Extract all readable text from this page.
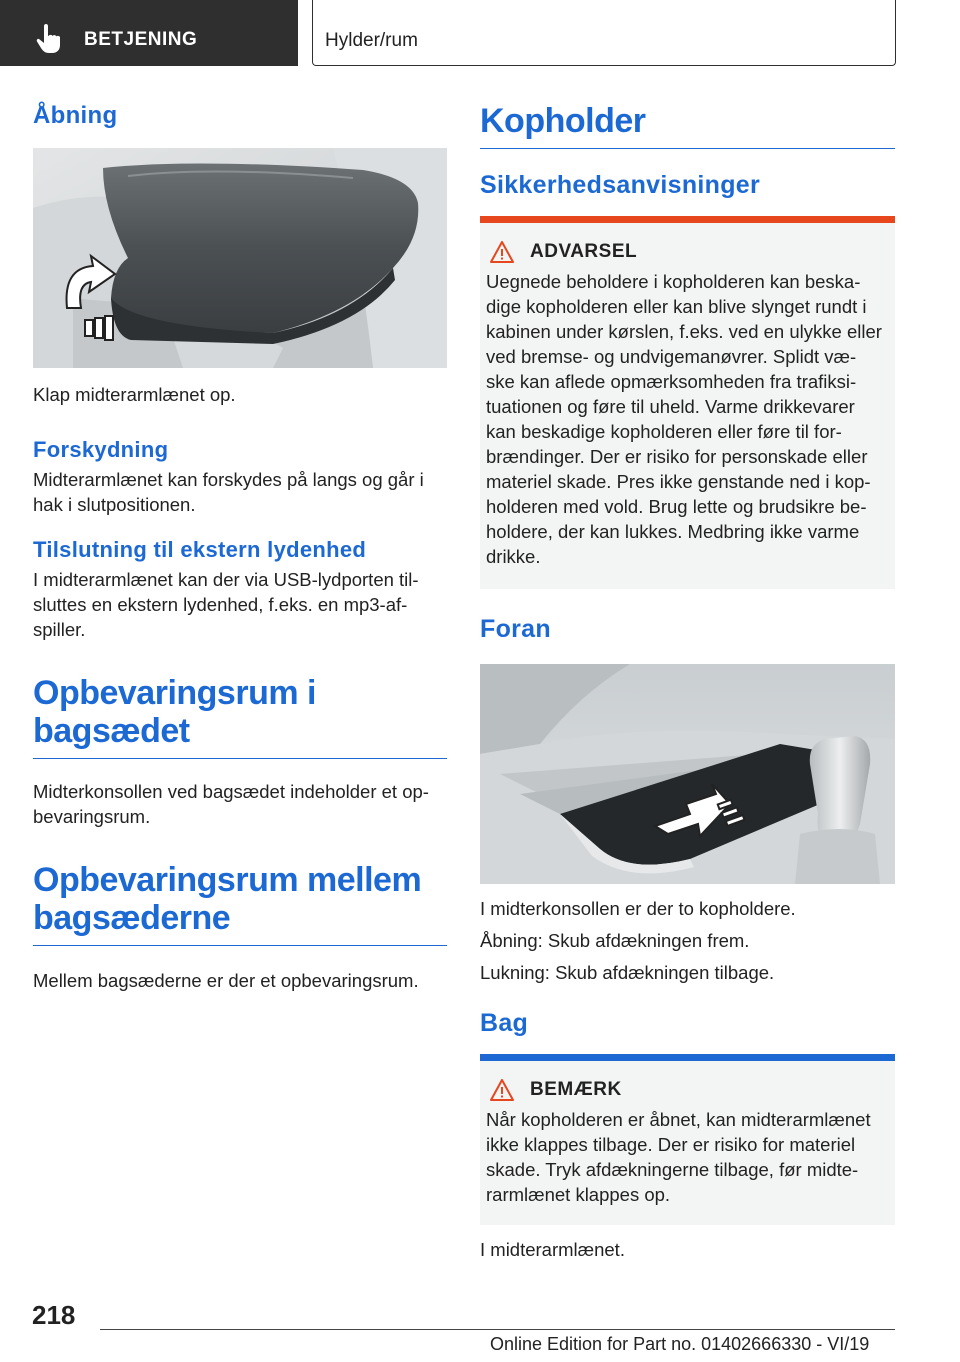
BETJENING	Hylder/rum
Åbning
Klap midterarmlænet op.
Forskydning
Midterarmlænet kan forskydes på langs og går i
hak i slutpositionen.
Tilslutning til ekstern lydenhed
I midterarmlænet kan der via USB-lydporten til-
sluttes en ekstern lydenhed, f.eks. en mp3-af-
spiller.
Opbevaringsrum i
bagsædet
Midterkonsollen ved bagsædet indeholder et op-
bevaringsrum.
Opbevaringsrum mellem
bagsæderne
Mellem bagsæderne er der et opbevaringsrum.
Kopholder
Sikkerhedsanvisninger
ADVARSEL
Uegnede beholdere i kopholderen kan beska-
dige kopholderen eller kan blive slynget rundt i
kabinen under kørslen, f.eks. ved en ulykke eller
ved bremse- og undvigemanøvrer. Splidt væ-
ske kan aflede opmærksomheden fra trafiksi-
tuationen og føre til uheld. Varme drikkevarer
kan beskadige kopholderen eller føre til for-
brændinger. Der er risiko for personskade eller
materiel skade. Pres ikke genstande ned i kop-
holderen med vold. Brug lette og brudsikre be-
holdere, der kan lukkes. Medbring ikke varme
drikke.
Foran
I midterkonsollen er der to kopholdere.
Åbning: Skub afdækningen frem.
Lukning: Skub afdækningen tilbage.
Bag
BEMÆRK
Når kopholderen er åbnet, kan midterarmlænet
ikke klappes tilbage. Der er risiko for materiel
skade. Tryk afdækningerne tilbage, før midte-
rarmlænet klappes op.
I midterarmlænet.
218
Online Edition for Part no. 01402666330 - VI/19
